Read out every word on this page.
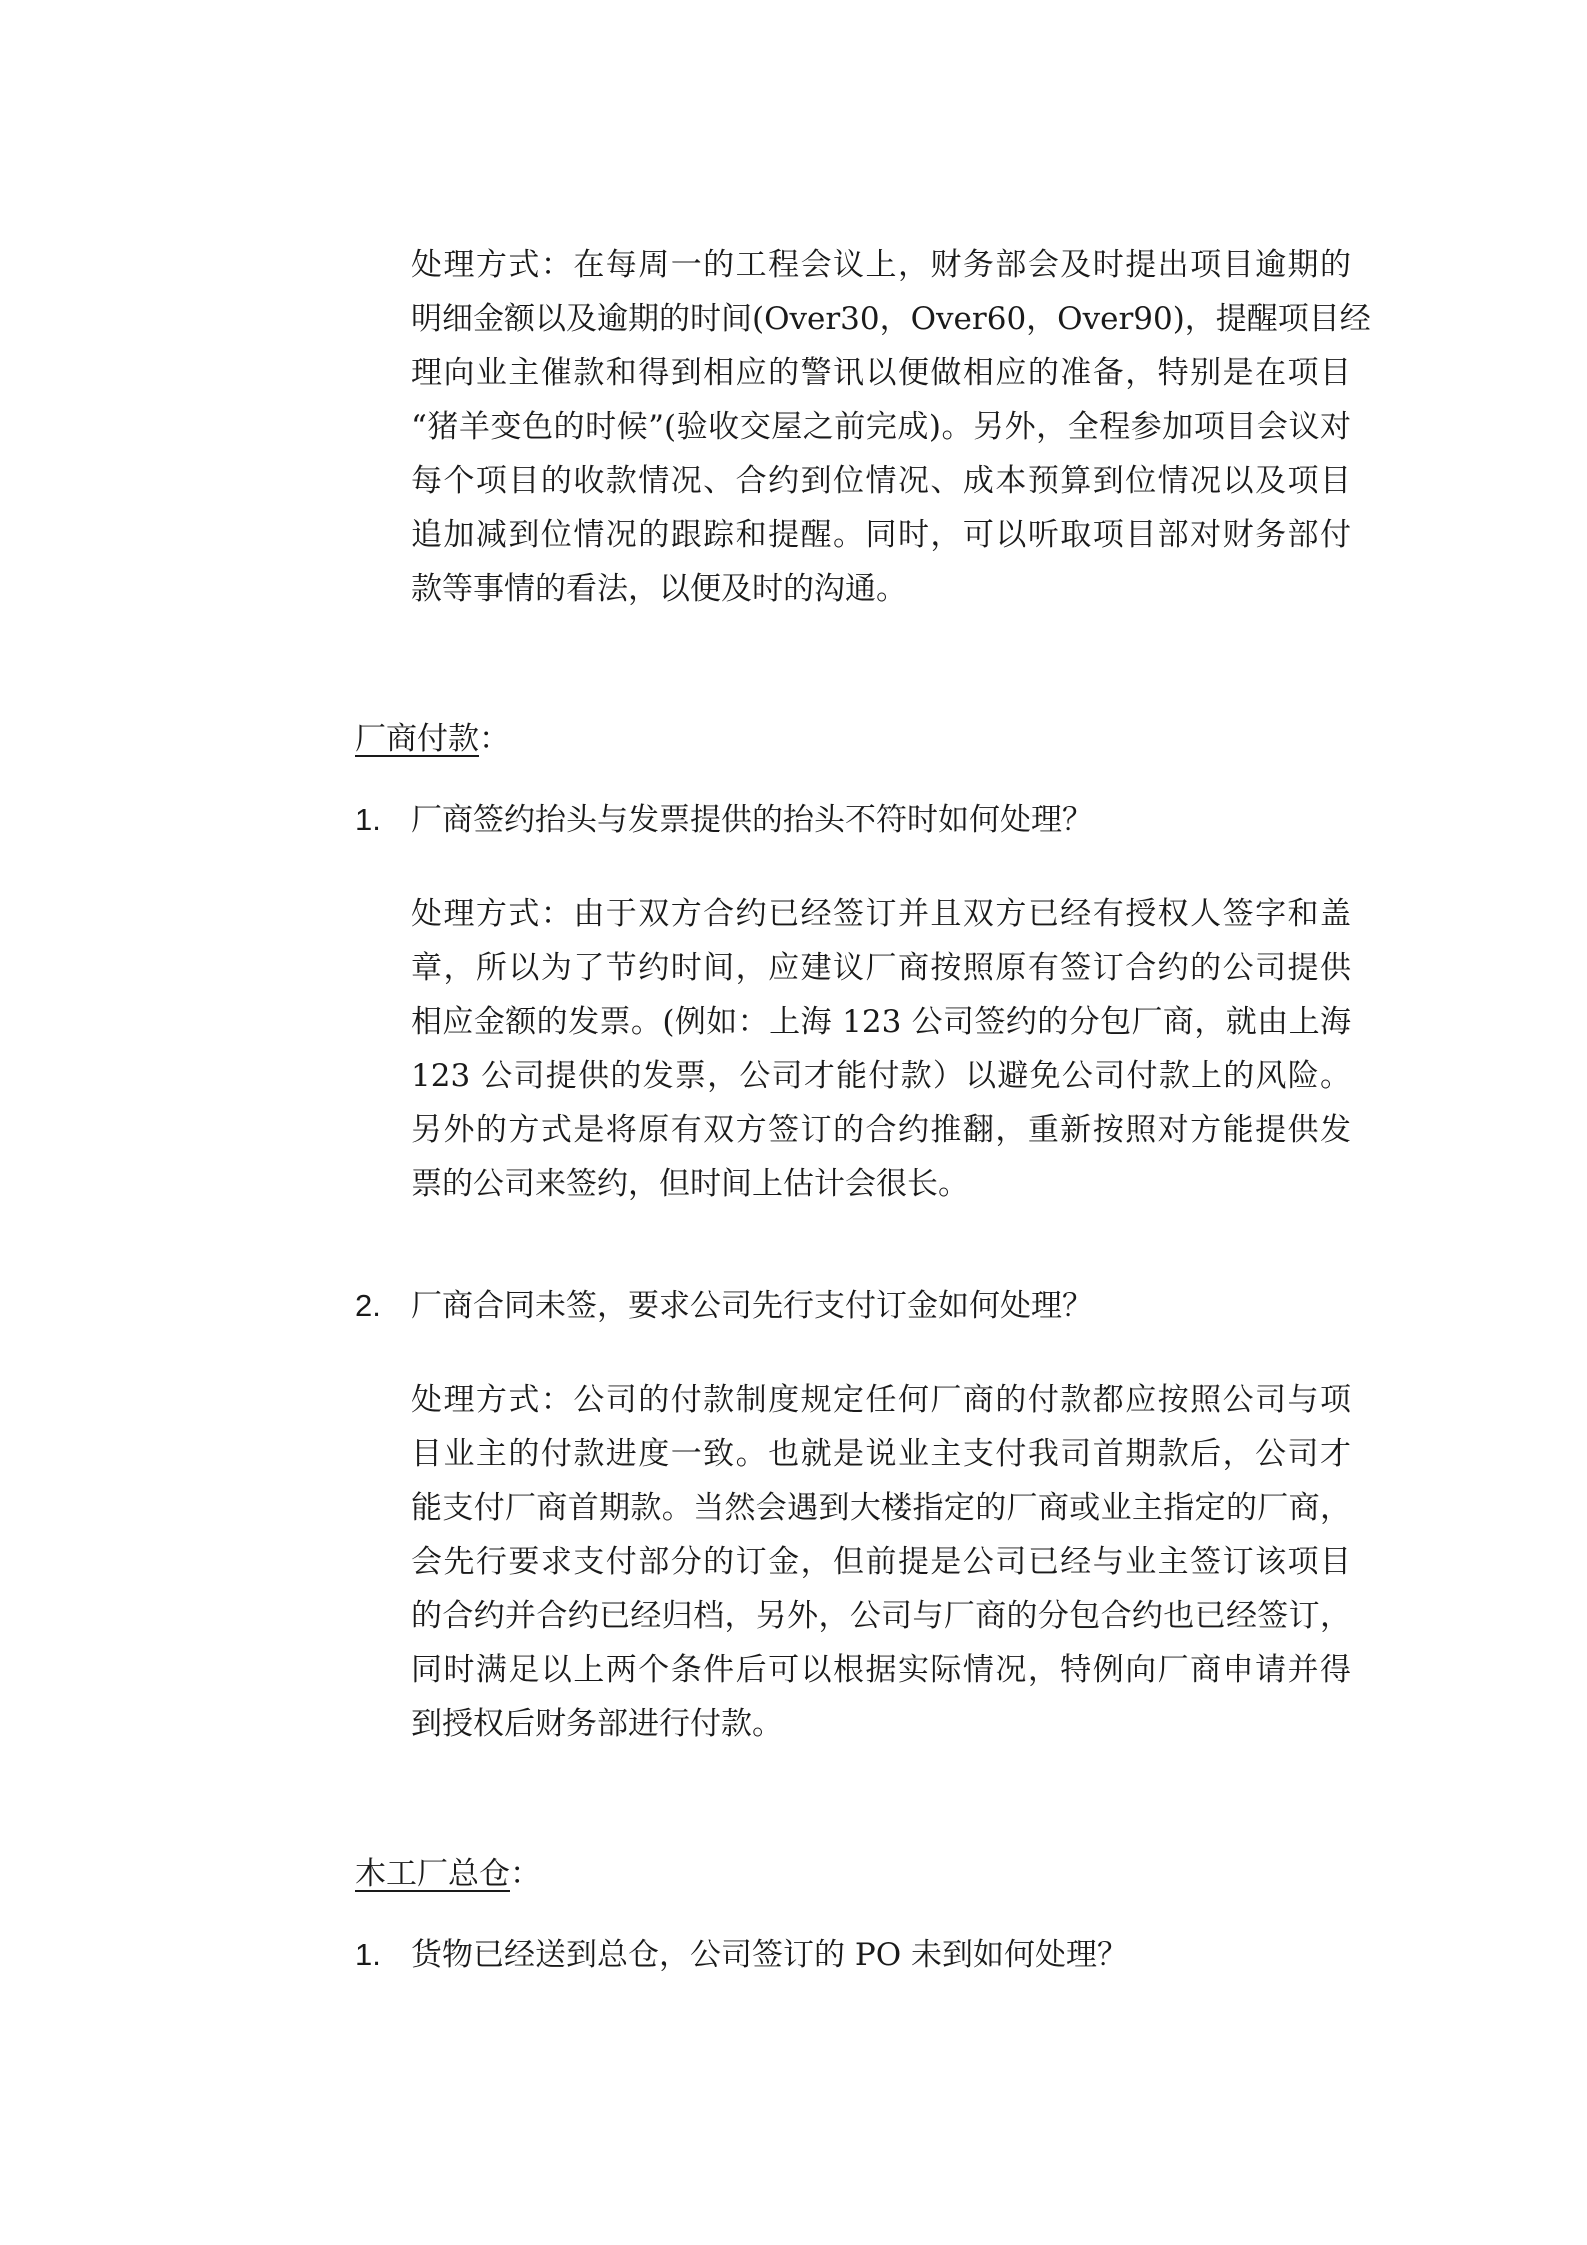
处理方式：在每周一的工程会议上，财务部会及时提出项目逾期的
明细金额以及逾期的时间(Over30，Over60，Over90)，提醒项目经
理向业主催款和得到相应的警讯以便做相应的准备，特别是在项目
“猪羊变色的时候”(验收交屋之前完成)。另外，全程参加项目会议对
每个项目的收款情况、合约到位情况、成本预算到位情况以及项目
追加减到位情况的跟踪和提醒。同时，可以听取项目部对财务部付
款等事情的看法，以便及时的沟通。

厂商付款：

1. 厂商签约抬头与发票提供的抬头不符时如何处理？

处理方式：由于双方合约已经签订并且双方已经有授权人签字和盖
章，所以为了节约时间，应建议厂商按照原有签订合约的公司提供
相应金额的发票。(例如：上海 123 公司签约的分包厂商，就由上海
123 公司提供的发票，公司才能付款）以避免公司付款上的风险。
另外的方式是将原有双方签订的合约推翻，重新按照对方能提供发
票的公司来签约，但时间上估计会很长。

2. 厂商合同未签，要求公司先行支付订金如何处理？

处理方式：公司的付款制度规定任何厂商的付款都应按照公司与项
目业主的付款进度一致。也就是说业主支付我司首期款后，公司才
能支付厂商首期款。当然会遇到大楼指定的厂商或业主指定的厂商，
会先行要求支付部分的订金，但前提是公司已经与业主签订该项目
的合约并合约已经归档，另外，公司与厂商的分包合约也已经签订，
同时满足以上两个条件后可以根据实际情况，特例向厂商申请并得
到授权后财务部进行付款。

木工厂总仓：

1. 货物已经送到总仓，公司签订的 PO 未到如何处理？
